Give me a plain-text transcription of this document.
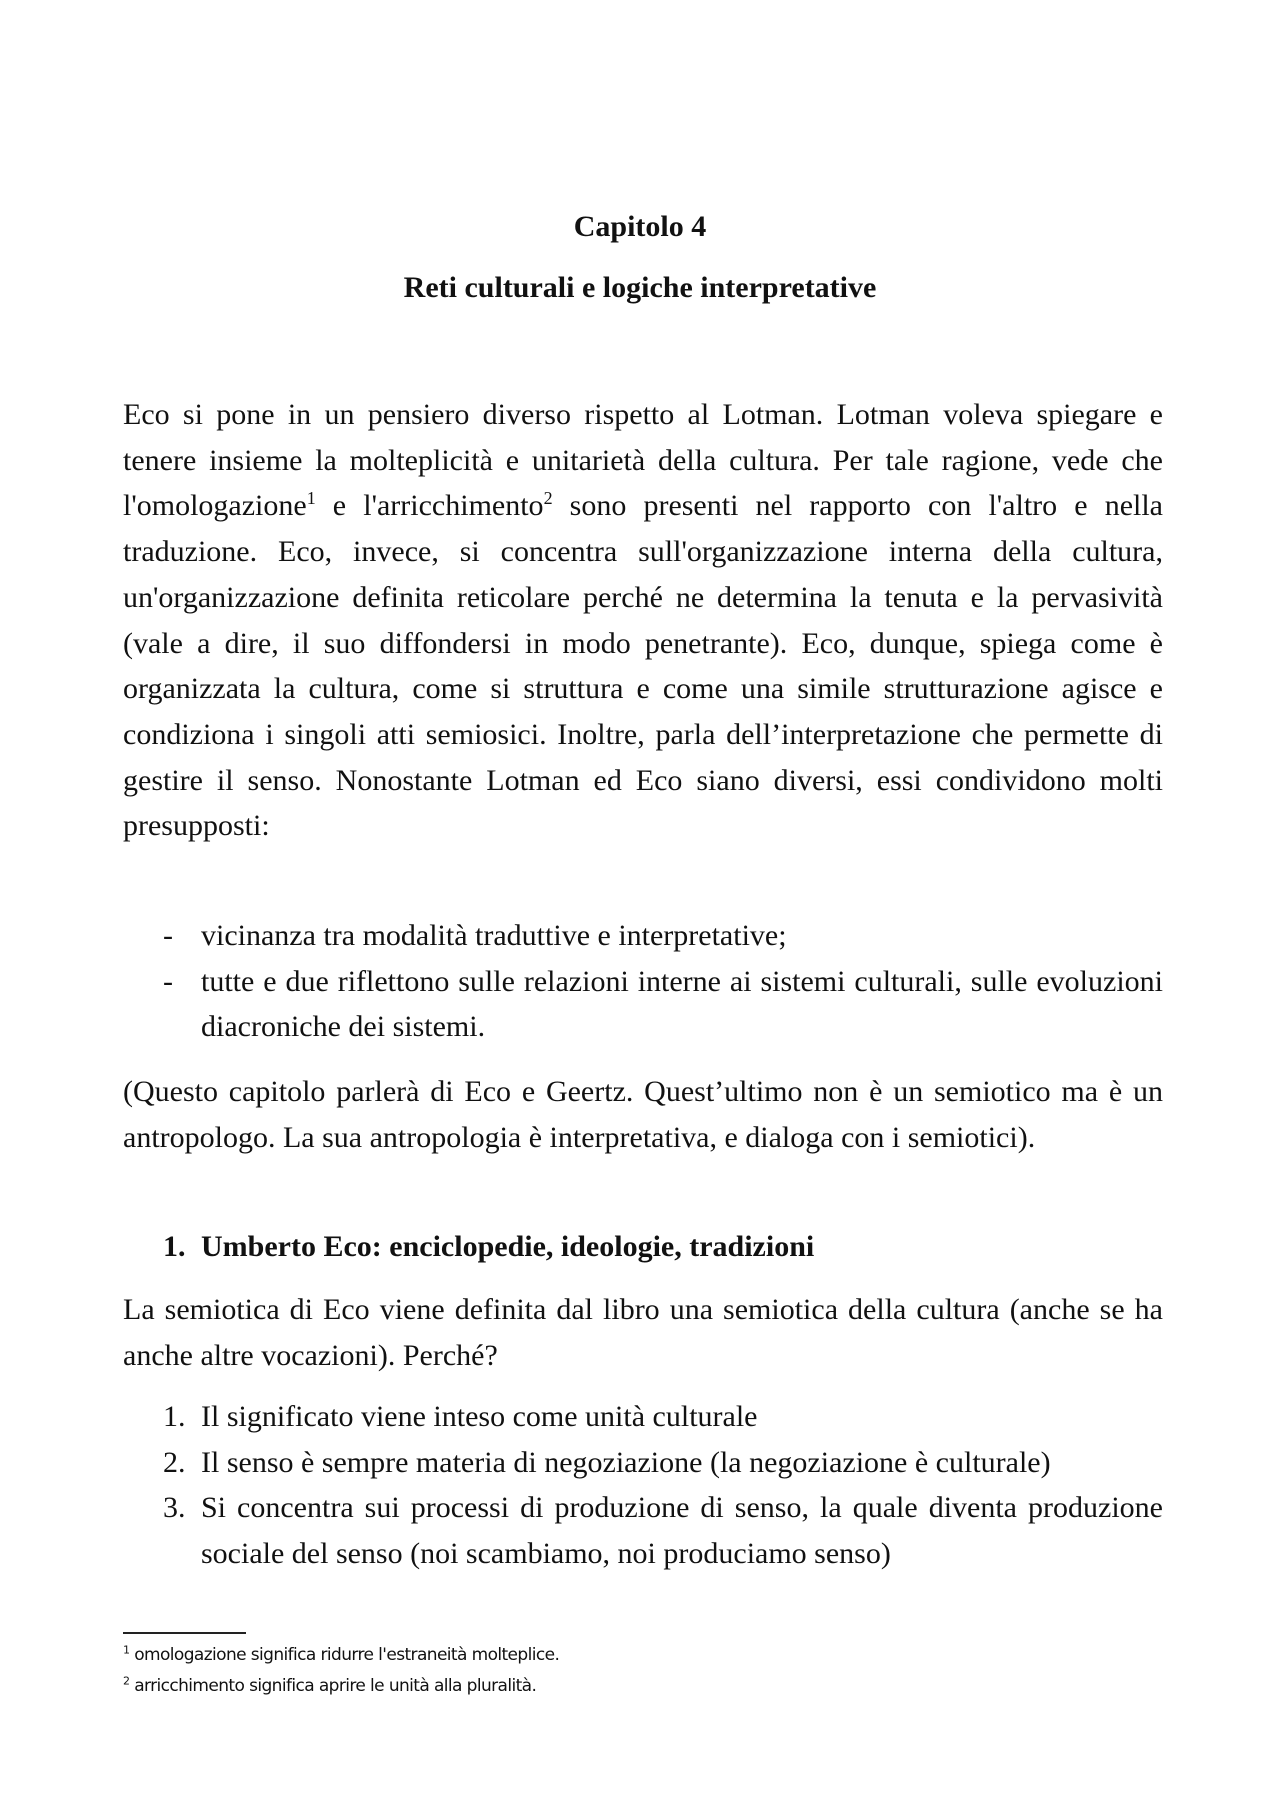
Capitolo 4
Reti culturali e logiche interpretative
Eco si pone in un pensiero diverso rispetto al Lotman. Lotman voleva spiegare e tenere insieme la molteplicità e unitarietà della cultura. Per tale ragione, vede che l'omologazione$^1$ e l'arricchimento$^2$ sono presenti nel rapporto con l'altro e nella traduzione. Eco, invece, si concentra sull'organizzazione interna della cultura, un'organizzazione definita reticolare perché ne determina la tenuta e la pervasività (vale a dire, il suo diffondersi in modo penetrante). Eco, dunque, spiega come è organizzata la cultura, come si struttura e come una simile strutturazione agisce e condiziona i singoli atti semiosici. Inoltre, parla dell’interpretazione che permette di gestire il senso. Nonostante Lotman ed Eco siano diversi, essi condividono molti presupposti:
- vicinanza tra modalità traduttive e interpretative;
- tutte e due riflettono sulle relazioni interne ai sistemi culturali, sulle evoluzioni diacroniche dei sistemi.
(Questo capitolo parlerà di Eco e Geertz. Quest’ultimo non è un semiotico ma è un antropologo. La sua antropologia è interpretativa, e dialoga con i semiotici).
1. Umberto Eco: enciclopedie, ideologie, tradizioni
La semiotica di Eco viene definita dal libro una semiotica della cultura (anche se ha anche altre vocazioni). Perché?
1. Il significato viene inteso come unità culturale
2. Il senso è sempre materia di negoziazione (la negoziazione è culturale)
3. Si concentra sui processi di produzione di senso, la quale diventa produzione sociale del senso (noi scambiamo, noi produciamo senso)
$^1$ omologazione significa ridurre l'estraneità molteplice.
$^2$ arricchimento significa aprire le unità alla pluralità.
